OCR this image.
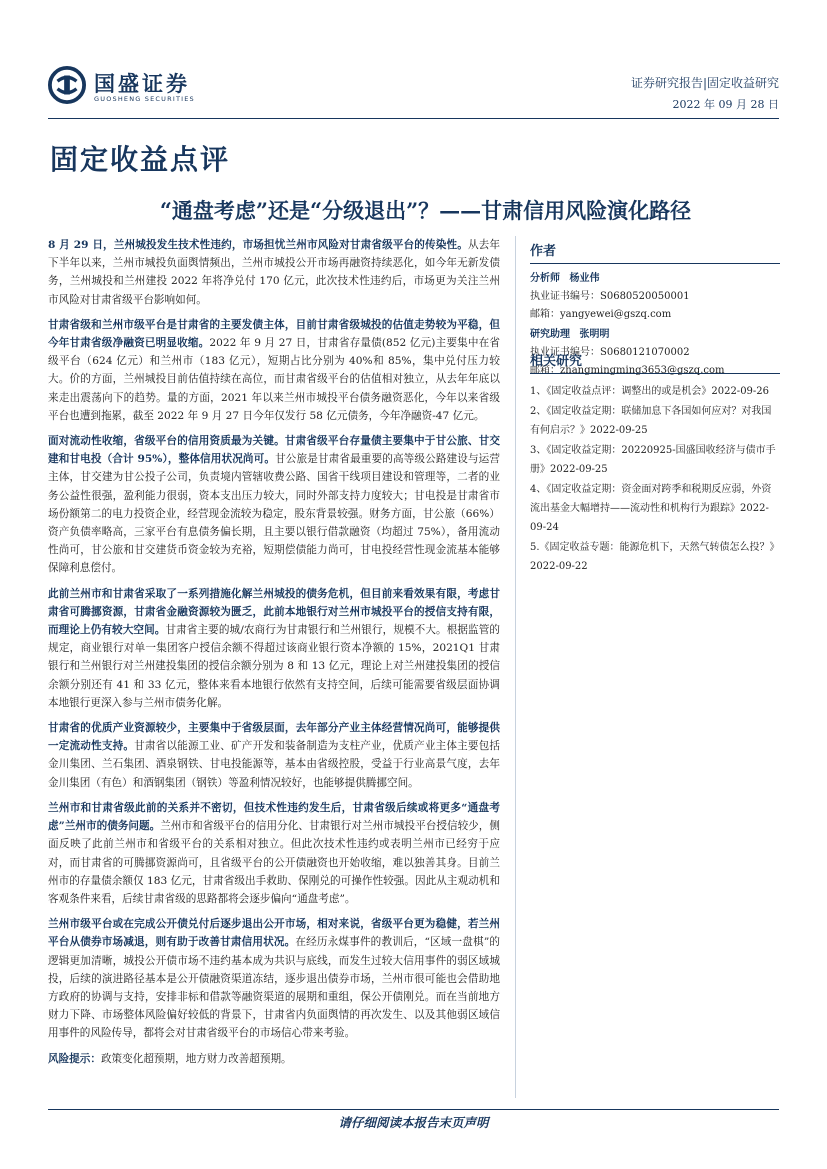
国盛证券
GUOSHENG SECURITIES
证券研究报告|固定收益研究
2022 年 09 月 28 日
固定收益点评
“通盘考虑”还是“分级退出”？——甘肃信用风险演化路径

8 月 29 日，兰州城投发生技术性违约，市场担忧兰州市风险对甘肃省级平台的传染性。从去年下半年以来，兰州市城投负面舆情频出，兰州市城投公开市场再融资持续恶化，如今年无新发债务，兰州城投和兰州建投 2022 年将净兑付 170 亿元，此次技术性违约后，市场更为关注兰州市风险对甘肃省级平台影响如何。

甘肃省级和兰州市级平台是甘肃省的主要发债主体，目前甘肃省级城投的估值走势较为平稳，但今年甘肃省级净融资已明显收缩。2022 年 9 月 27 日，甘肃省存量债(852 亿元)主要集中在省级平台（624 亿元）和兰州市（183 亿元），短期占比分别为 40%和 85%，集中兑付压力较大。价的方面，兰州城投目前估值持续在高位，而甘肃省级平台的估值相对独立，从去年年底以来走出震荡向下的趋势。量的方面，2021 年以来兰州市城投平台债务融资恶化，今年以来省级平台也遭到拖累，截至 2022 年 9 月 27 日今年仅发行 58 亿元债务，今年净融资-47 亿元。

面对流动性收缩，省级平台的信用资质最为关键。甘肃省级平台存量债主要集中于甘公旅、甘交建和甘电投（合计 95%），整体信用状况尚可。甘公旅是甘肃省最重要的高等级公路建设与运营主体，甘交建为甘公投子公司，负责境内管辖收费公路、国省干线项目建设和管理等，二者的业务公益性很强，盈利能力很弱，资本支出压力较大，同时外部支持力度较大；甘电投是甘肃省市场份额第二的电力投资企业，经营现金流较为稳定，股东背景较强。财务方面，甘公旅（66%）资产负债率略高，三家平台有息债务偏长期，且主要以银行借款融资（均超过 75%），备用流动性尚可，甘公旅和甘交建货币资金较为充裕，短期偿债能力尚可，甘电投经营性现金流基本能够保障利息偿付。

此前兰州市和甘肃省采取了一系列措施化解兰州城投的债务危机，但目前来看效果有限，考虑甘肃省可腾挪资源，甘肃省金融资源较为匮乏，此前本地银行对兰州市城投平台的授信支持有限，而理论上仍有较大空间。甘肃省主要的城/农商行为甘肃银行和兰州银行，规模不大。根据监管的规定，商业银行对单一集团客户授信余额不得超过该商业银行资本净额的 15%，2021Q1 甘肃银行和兰州银行对兰州建投集团的授信余额分别为 8 和 13 亿元，理论上对兰州建投集团的授信余额分别还有 41 和 33 亿元，整体来看本地银行依然有支持空间，后续可能需要省级层面协调本地银行更深入参与兰州市债务化解。

甘肃省的优质产业资源较少，主要集中于省级层面，去年部分产业主体经营情况尚可，能够提供一定流动性支持。甘肃省以能源工业、矿产开发和装备制造为支柱产业，优质产业主体主要包括金川集团、兰石集团、酒泉钢铁、甘电投能源等，基本由省级控股，受益于行业高景气度，去年金川集团（有色）和酒钢集团（钢铁）等盈利情况较好，也能够提供腾挪空间。

兰州市和甘肃省级此前的关系并不密切，但技术性违约发生后，甘肃省级后续或将更多“通盘考虑”兰州市的债务问题。兰州市和省级平台的信用分化、甘肃银行对兰州市城投平台授信较少，侧面反映了此前兰州市和省级平台的关系相对独立。但此次技术性违约或表明兰州市已经穷于应对，而甘肃省的可腾挪资源尚可，且省级平台的公开债融资也开始收缩，难以独善其身。目前兰州市的存量债余额仅 183 亿元，甘肃省级出手救助、保刚兑的可操作性较强。因此从主观动机和客观条件来看，后续甘肃省级的思路都将会逐步偏向“通盘考虑”。

兰州市级平台或在完成公开债兑付后逐步退出公开市场，相对来说，省级平台更为稳健，若兰州平台从债券市场减退，则有助于改善甘肃信用状况。在经历永煤事件的教训后，“区域一盘棋”的逻辑更加清晰，城投公开债市场不违约基本成为共识与底线，而发生过较大信用事件的弱区域城投，后续的演进路径基本是公开债融资渠道冻结，逐步退出债券市场，兰州市很可能也会借助地方政府的协调与支持，安排非标和借款等融资渠道的展期和重组，保公开债刚兑。而在当前地方财力下降、市场整体风险偏好较低的背景下，甘肃省内负面舆情的再次发生、以及其他弱区域信用事件的风险传导，都将会对甘肃省级平台的市场信心带来考验。

风险提示：政策变化超预期，地方财力改善超预期。

作者
分析师 杨业伟
执业证书编号：S0680520050001
邮箱：yangyewei@gszq.com
研究助理 张明明
执业证书编号：S0680121070002
邮箱：zhangmingming3653@gszq.com
相关研究
1、《固定收益点评：调整出的或是机会》2022-09-26
2、《固定收益定期：联储加息下各国如何应对？对我国有何启示？》2022-09-25
3、《固定收益定期：20220925-国盛国收经济与债市手册》2022-09-25
4、《固定收益定期：资金面对跨季和税期反应弱，外资流出基金大幅增持——流动性和机构行为跟踪》2022-09-24
5.《固定收益专题：能源危机下，天然气转债怎么投？》2022-09-22
请仔细阅读本报告末页声明
